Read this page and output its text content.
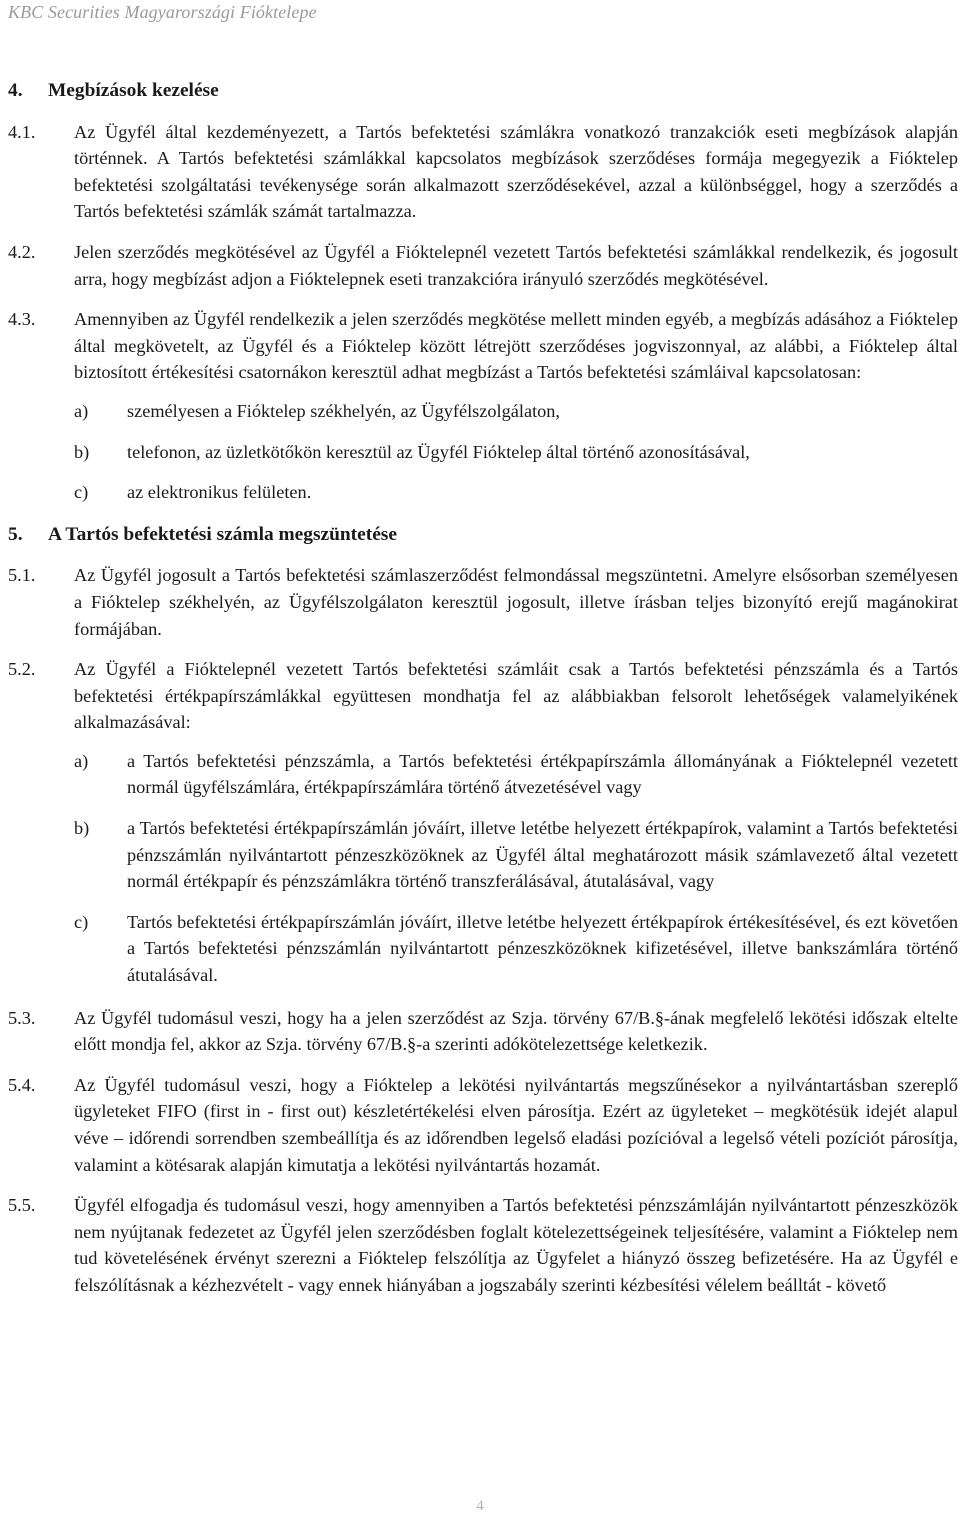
KBC Securities Magyarországi Fióktelepe
4.	Megbízások kezelése
4.1.	Az Ügyfél által kezdeményezett, a Tartós befektetési számlákra vonatkozó tranzakciók eseti megbízások alapján történnek. A Tartós befektetési számlákkal kapcsolatos megbízások szerződéses formája megegyezik a Fióktelep befektetési szolgáltatási tevékenysége során alkalmazott szerződésekével, azzal a különbséggel, hogy a szerződés a Tartós befektetési számlák számát tartalmazza.
4.2.	Jelen szerződés megkötésével az Ügyfél a Fióktelepnél vezetett Tartós befektetési számlákkal rendelkezik, és jogosult arra, hogy megbízást adjon a Fióktelepnek eseti tranzakcióra irányuló szerződés megkötésével.
4.3.	Amennyiben az Ügyfél rendelkezik a jelen szerződés megkötése mellett minden egyéb, a megbízás adásához a Fióktelep által megkövetelt, az Ügyfél és a Fióktelep között létrejött szerződéses jogviszonnyal, az alábbi, a Fióktelep által biztosított értékesítési csatornákon keresztül adhat megbízást a Tartós befektetési számláival kapcsolatosan:
a)	személyesen a Fióktelep székhelyén, az Ügyfélszolgálaton,
b)	telefonon, az üzletkötőkön keresztül az Ügyfél Fióktelep által történő azonosításával,
c)	az elektronikus felületen.
5.	A Tartós befektetési számla megszüntetése
5.1.	Az Ügyfél jogosult a Tartós befektetési számlaszerződést felmondással megszüntetni. Amelyre elsősorban személyesen a Fióktelep székhelyén, az Ügyfélszolgálaton keresztül jogosult, illetve írásban teljes bizonyító erejű magánokirat formájában.
5.2.	Az Ügyfél a Fióktelepnél vezetett Tartós befektetési számláit csak a Tartós befektetési pénzszámla és a Tartós befektetési értékpapírszámlákkal együttesen mondhatja fel az alábbiakban felsorolt lehetőségek valamelyikének alkalmazásával:
a)	a Tartós befektetési pénzszámla, a Tartós befektetési értékpapírszámla állományának a Fióktelepnél vezetett normál ügyfélszámlára, értékpapírszámlára történő átvezetésével vagy
b)	a Tartós befektetési értékpapírszámlán jóváírt, illetve letétbe helyezett értékpapírok, valamint a Tartós befektetési pénzszámlán nyilvántartott pénzeszközöknek az Ügyfél által meghatározott másik számlavezető által vezetett normál értékpapír és pénzszámlákra történő transzferálásával, átutalásával, vagy
c)	Tartós befektetési értékpapírszámlán jóváírt, illetve letétbe helyezett értékpapírok értékesítésével, és ezt követően a Tartós befektetési pénzszámlán nyilvántartott pénzeszközöknek kifizetésével, illetve bankszámlára történő átutalásával.
5.3.	Az Ügyfél tudomásul veszi, hogy ha a jelen szerződést az Szja. törvény 67/B.§-ának megfelelő lekötési időszak eltelte előtt mondja fel, akkor az Szja. törvény 67/B.§-a szerinti adókötelezettsége keletkezik.
5.4.	Az Ügyfél tudomásul veszi, hogy a Fióktelep a lekötési nyilvántartás megszűnésekor a nyilvántartásban szereplő ügyleteket FIFO (first in - first out) készletértékelési elven párosítja. Ezért az ügyleteket – megkötésük idejét alapul véve – időrendi sorrendben szembeállítja és az időrendben legelső eladási pozícióval a legelső vételi pozíciót párosítja, valamint a kötésarak alapján kimutatja a lekötési nyilvántartás hozamát.
5.5.	Ügyfél elfogadja és tudomásul veszi, hogy amennyiben a Tartós befektetési pénzszámláján nyilvántartott pénzeszközök nem nyújtanak fedezetet az Ügyfél jelen szerződésben foglalt kötelezettségeinek teljesítésére, valamint a Fióktelep nem tud követelésének érvényt szerezni a Fióktelep felszólítja az Ügyfelet a hiányzó összeg befizetésére. Ha az Ügyfél e felszólításnak a kézhezvételt - vagy ennek hiányában a jogszabály szerinti kézbesítési vélelem beálltát - követő
4
